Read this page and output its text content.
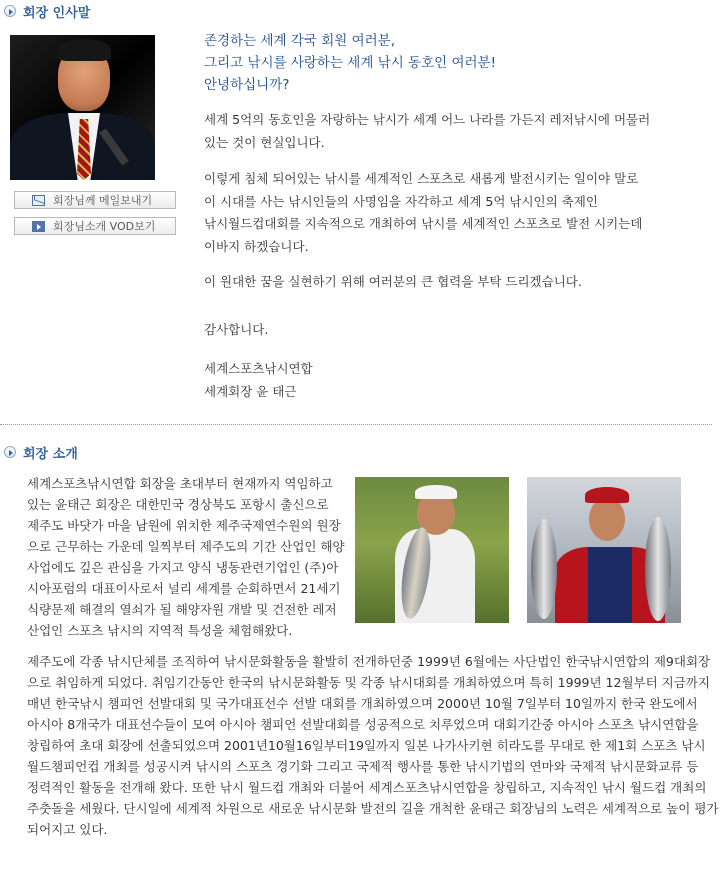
회장 인사말
회장님께 메일보내기
회장님소개 VOD보기
존경하는 세계 각국 회원 여러분,
그리고 낚시를 사랑하는 세계 낚시 동호인 여러분!
안녕하십니까?
세계 5억의 동호인을 자랑하는 낚시가 세계 어느 나라를 가든지 레저낚시에 머물러
있는 것이 현실입니다.
이렇게 침체 되어있는 낚시를 세계적인 스포츠로 새롭게 발전시키는 일이야 말로
이 시대를 사는 낚시인들의 사명임을 자각하고 세계 5억 낚시인의 축제인
낚시월드컵대회를 지속적으로 개최하여 낚시를 세계적인 스포츠로 발전 시키는데
이바지 하겠습니다.
이 원대한 꿈을 실현하기 위해 여러분의 큰 협력을 부탁 드리겠습니다.
감사합니다.
세계스포츠낚시연합
세계회장 윤 태근
회장 소개
세계스포츠낚시연합 회장을 초대부터 현재까지 역임하고
있는 윤태근 회장은 대한민국 경상북도 포항시 출신으로
제주도 바닷가 마을 남원에 위치한 제주국제연수원의 원장
으로 근무하는 가운데 일찍부터 제주도의 기간 산업인 해양
사업에도 깊은 관심을 가지고 양식 냉동관련기업인 (주)아
시아포럼의 대표이사로서 널리 세계를 순회하면서 21세기
식량문제 해결의 열쇠가 될 해양자원 개발 및 건전한 레저
산업인 스포츠 낚시의 지역적 특성을 체험해왔다.
제주도에 각종 낚시단체를 조직하여 낚시문화활동을 활발히 전개하던중 1999년 6월에는 사단법인 한국낚시연합의 제9대회장
으로 취임하게 되었다. 취임기간동안 한국의 낚시문화활동 및 각종 낚시대회를 개최하였으며 특히 1999년 12월부터 지금까지
매년 한국낚시 챔피언 선발대회 및 국가대표선수 선발 대회를 개최하였으며 2000년 10월 7일부터 10일까지 한국 완도에서
아시아 8개국가 대표선수들이 모여 아시아 챔피언 선발대회를 성공적으로 치루었으며 대회기간중 아시아 스포츠 낚시연합을
창립하여 초대 회장에 선출되었으며 2001년10월16일부터19일까지 일본 나가사키현 히라도를 무대로 한 제1회 스포츠 낚시
월드챔피언컵 개최를 성공시켜 낚시의 스포츠 경기화 그리고 국제적 행사를 통한 낚시기법의 연마와 국제적 낚시문화교류 등
정력적인 활동을 전개해 왔다. 또한 낚시 월드컵 개최와 더불어 세계스포츠낚시연합을 창립하고, 지속적인 낚시 월드컵 개최의
주춧돌을 세웠다. 단시일에 세계적 차원으로 새로운 낚시문화 발전의 길을 개척한 윤태근 회장님의 노력은 세계적으로 높이 평가
되어지고 있다.
